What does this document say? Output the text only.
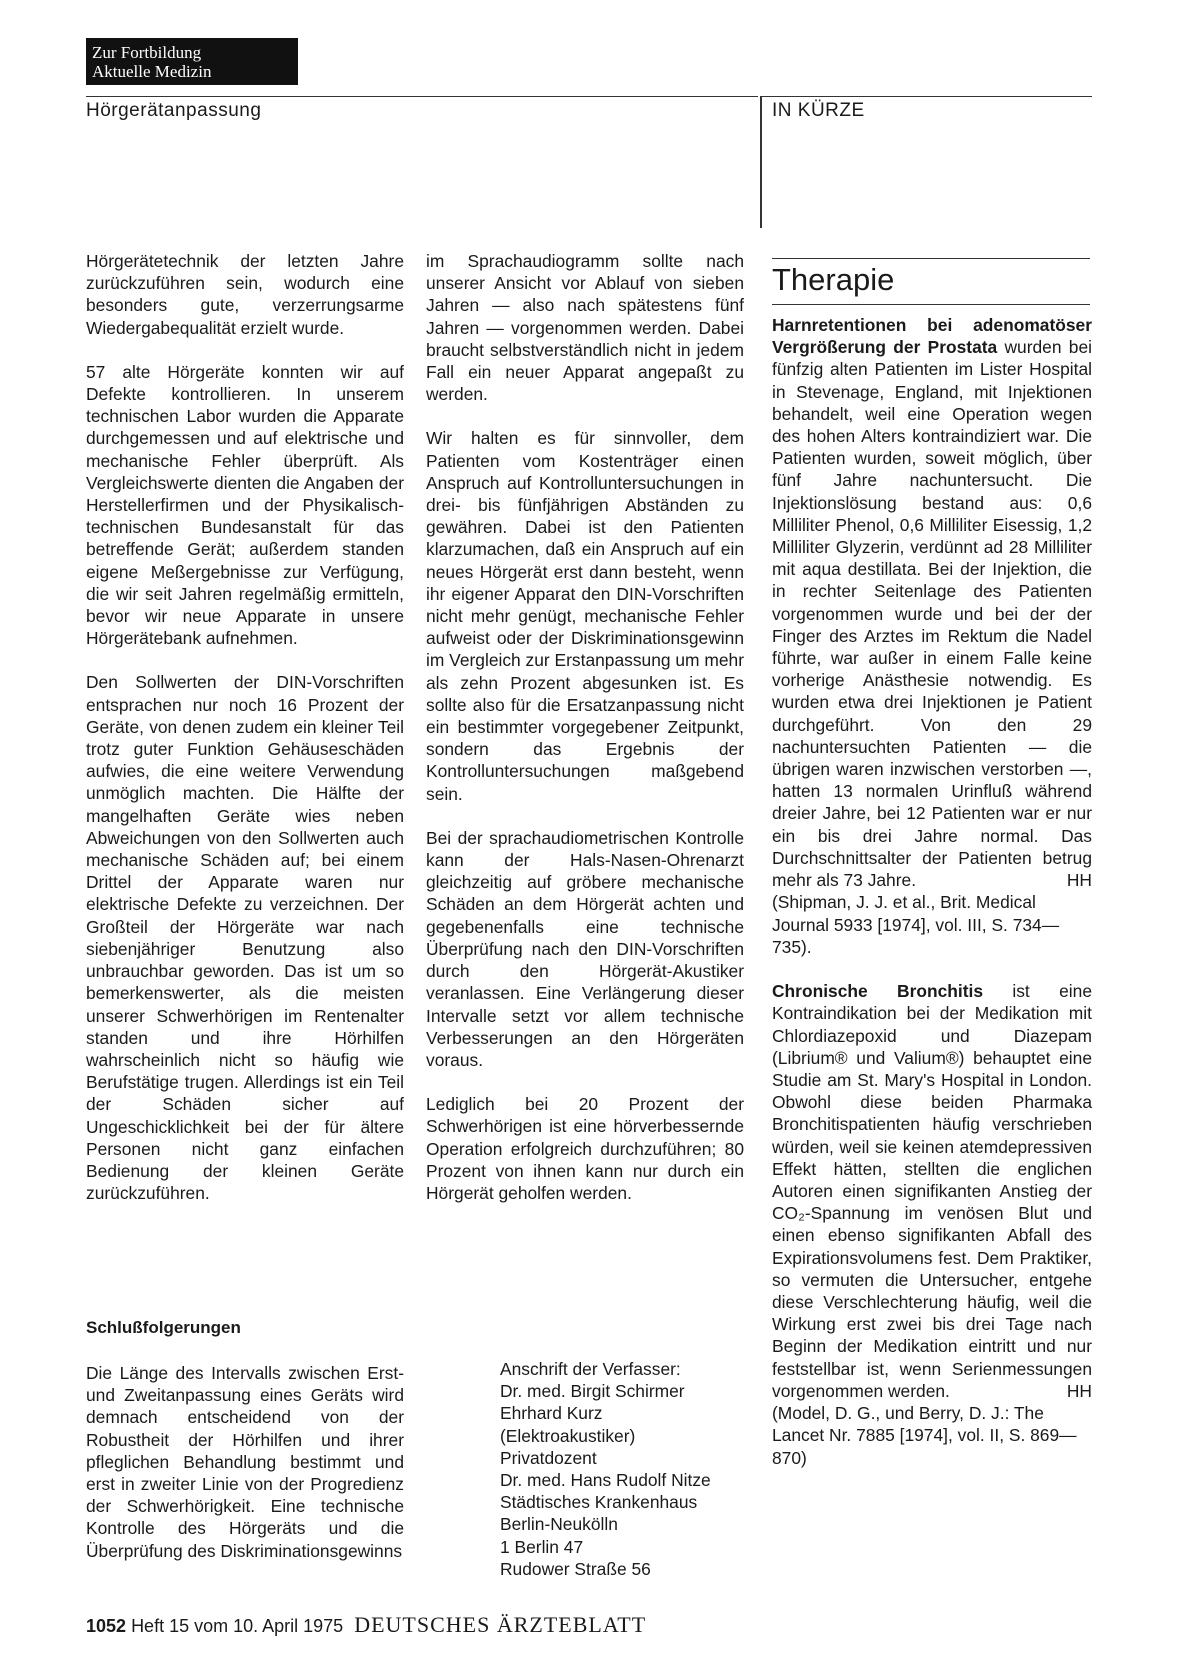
Zur Fortbildung
Aktuelle Medizin
Hörgerätanpassung	IN KÜRZE

Hörgerätetechnik der letzten Jahre zurückzuführen sein, wodurch eine besonders gute, verzerrungsarme Wiedergabequalität erzielt wurde.

57 alte Hörgeräte konnten wir auf Defekte kontrollieren. In unserem technischen Labor wurden die Apparate durchgemessen und auf elektrische und mechanische Fehler überprüft. Als Vergleichswerte dienten die Angaben der Herstellerfirmen und der Physikalisch-technischen Bundesanstalt für das betreffende Gerät; außerdem standen eigene Meßergebnisse zur Verfügung, die wir seit Jahren regelmäßig ermitteln, bevor wir neue Apparate in unsere Hörgerätebank aufnehmen.

Den Sollwerten der DIN-Vorschriften entsprachen nur noch 16 Prozent der Geräte, von denen zudem ein kleiner Teil trotz guter Funktion Gehäuseschäden aufwies, die eine weitere Verwendung unmöglich machten. Die Hälfte der mangelhaften Geräte wies neben Abweichungen von den Sollwerten auch mechanische Schäden auf; bei einem Drittel der Apparate waren nur elektrische Defekte zu verzeichnen. Der Großteil der Hörgeräte war nach siebenjähriger Benutzung also unbrauchbar geworden. Das ist um so bemerkenswerter, als die meisten unserer Schwerhörigen im Rentenalter standen und ihre Hörhilfen wahrscheinlich nicht so häufig wie Berufstätige trugen. Allerdings ist ein Teil der Schäden sicher auf Ungeschicklichkeit bei der für ältere Personen nicht ganz einfachen Bedienung der kleinen Geräte zurückzuführen.

Schlußfolgerungen

Die Länge des Intervalls zwischen Erst- und Zweitanpassung eines Geräts wird demnach entscheidend von der Robustheit der Hörhilfen und ihrer pfleglichen Behandlung bestimmt und erst in zweiter Linie von der Progredienz der Schwerhörigkeit. Eine technische Kontrolle des Hörgeräts und die Überprüfung des Diskriminationsgewinns

im Sprachaudiogramm sollte nach unserer Ansicht vor Ablauf von sieben Jahren — also nach spätestens fünf Jahren — vorgenommen werden. Dabei braucht selbstverständlich nicht in jedem Fall ein neuer Apparat angepaßt zu werden.

Wir halten es für sinnvoller, dem Patienten vom Kostenträger einen Anspruch auf Kontrolluntersuchungen in drei- bis fünfjährigen Abständen zu gewähren. Dabei ist den Patienten klarzumachen, daß ein Anspruch auf ein neues Hörgerät erst dann besteht, wenn ihr eigener Apparat den DIN-Vorschriften nicht mehr genügt, mechanische Fehler aufweist oder der Diskriminationsgewinn im Vergleich zur Erstanpassung um mehr als zehn Prozent abgesunken ist. Es sollte also für die Ersatzanpassung nicht ein bestimmter vorgegebener Zeitpunkt, sondern das Ergebnis der Kontrolluntersuchungen maßgebend sein.

Bei der sprachaudiometrischen Kontrolle kann der Hals-Nasen-Ohrenarzt gleichzeitig auf gröbere mechanische Schäden an dem Hörgerät achten und gegebenenfalls eine technische Überprüfung nach den DIN-Vorschriften durch den Hörgerät-Akustiker veranlassen. Eine Verlängerung dieser Intervalle setzt vor allem technische Verbesserungen an den Hörgeräten voraus.

Lediglich bei 20 Prozent der Schwerhörigen ist eine hörverbessernde Operation erfolgreich durchzuführen; 80 Prozent von ihnen kann nur durch ein Hörgerät geholfen werden.

Anschrift der Verfasser:
Dr. med. Birgit Schirmer
Ehrhard Kurz
(Elektroakustiker)
Privatdozent
Dr. med. Hans Rudolf Nitze
Städtisches Krankenhaus
Berlin-Neukölln
1 Berlin 47
Rudower Straße 56
Therapie

Harnretentionen bei adenomatöser Vergrößerung der Prostata wurden bei fünfzig alten Patienten im Lister Hospital in Stevenage, England, mit Injektionen behandelt, weil eine Operation wegen des hohen Alters kontraindiziert war. Die Patienten wurden, soweit möglich, über fünf Jahre nachuntersucht. Die Injektionslösung bestand aus: 0,6 Milliliter Phenol, 0,6 Milliliter Eisessig, 1,2 Milliliter Glyzerin, verdünnt ad 28 Milliliter mit aqua destillata. Bei der Injektion, die in rechter Seitenlage des Patienten vorgenommen wurde und bei der der Finger des Arztes im Rektum die Nadel führte, war außer in einem Falle keine vorherige Anästhesie notwendig. Es wurden etwa drei Injektionen je Patient durchgeführt. Von den 29 nachuntersuchten Patienten — die übrigen waren inzwischen verstorben —, hatten 13 normalen Urinfluß während dreier Jahre, bei 12 Patienten war er nur ein bis drei Jahre normal. Das Durchschnittsalter der Patienten betrug mehr als 73 Jahre.	HH

(Shipman, J. J. et al., Brit. Medical Journal 5933 [1974], vol. III, S. 734—735).

Chronische Bronchitis ist eine Kontraindikation bei der Medikation mit Chlordiazepoxid und Diazepam (Librium® und Valium®) behauptet eine Studie am St. Mary's Hospital in London. Obwohl diese beiden Pharmaka Bronchitispatienten häufig verschrieben würden, weil sie keinen atemdepressiven Effekt hätten, stellten die englichen Autoren einen signifikanten Anstieg der CO₂-Spannung im venösen Blut und einen ebenso signifikanten Abfall des Expirationsvolumens fest. Dem Praktiker, so vermuten die Untersucher, entgehe diese Verschlechterung häufig, weil die Wirkung erst zwei bis drei Tage nach Beginn der Medikation eintritt und nur feststellbar ist, wenn Serienmessungen vorgenommen werden.	HH

(Model, D. G., und Berry, D. J.: The Lancet Nr. 7885 [1974], vol. II, S. 869—870)

1052 Heft 15 vom 10. April 1975 DEUTSCHES ÄRZTEBLATT
